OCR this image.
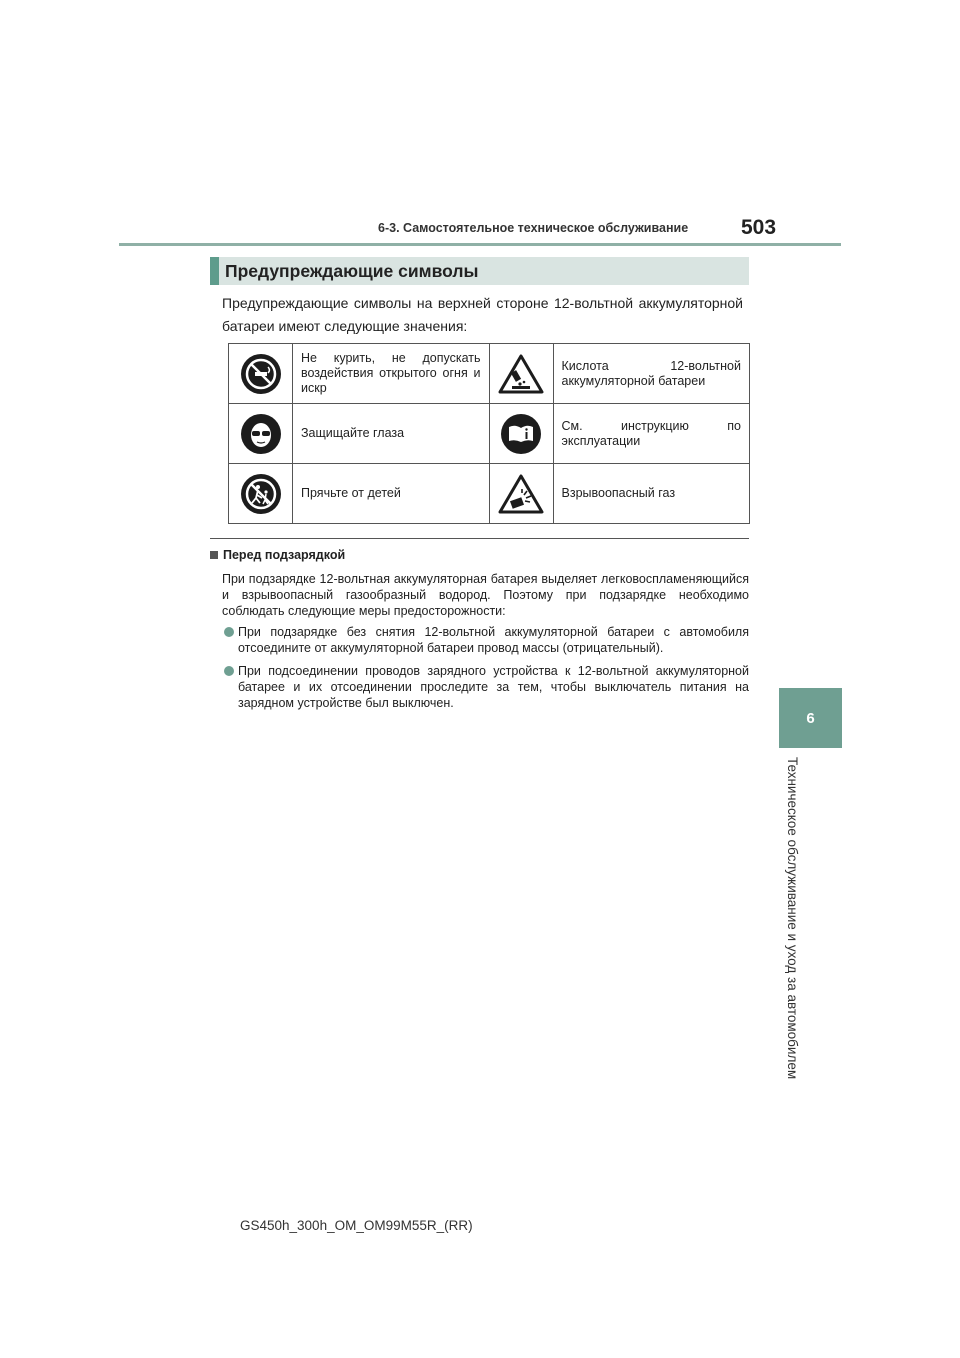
6-3. Самостоятельное техническое обслуживание	503
6
Техническое обслуживание и уход за автомобилем
Предупреждающие символы
Предупреждающие символы на верхней стороне 12-вольтной аккумуляторной батареи имеют следующие значения:
	Не курить, не допускать воздействия открытого огня и искр		Кислота 12-вольтной аккумуляторной батареи

	Защищайте глаза		См. инструкцию по эксплуатации

	Прячьте от детей		Взрывоопасный газ
Перед подзарядкой
При подзарядке 12-вольтная аккумуляторная батарея выделяет легковоспламеняющийся и взрывоопасный газообразный водород. Поэтому при подзарядке необходимо соблюдать следующие меры предосторожности:
При подзарядке без снятия 12-вольтной аккумуляторной батареи с автомобиля отсоедините от аккумуляторной батареи провод массы (отрицательный).
При подсоединении проводов зарядного устройства к 12-вольтной аккумуляторной батарее и их отсоединении проследите за тем, чтобы выключатель питания на зарядном устройстве был выключен.
GS450h_300h_OM_OM99M55R_(RR)
